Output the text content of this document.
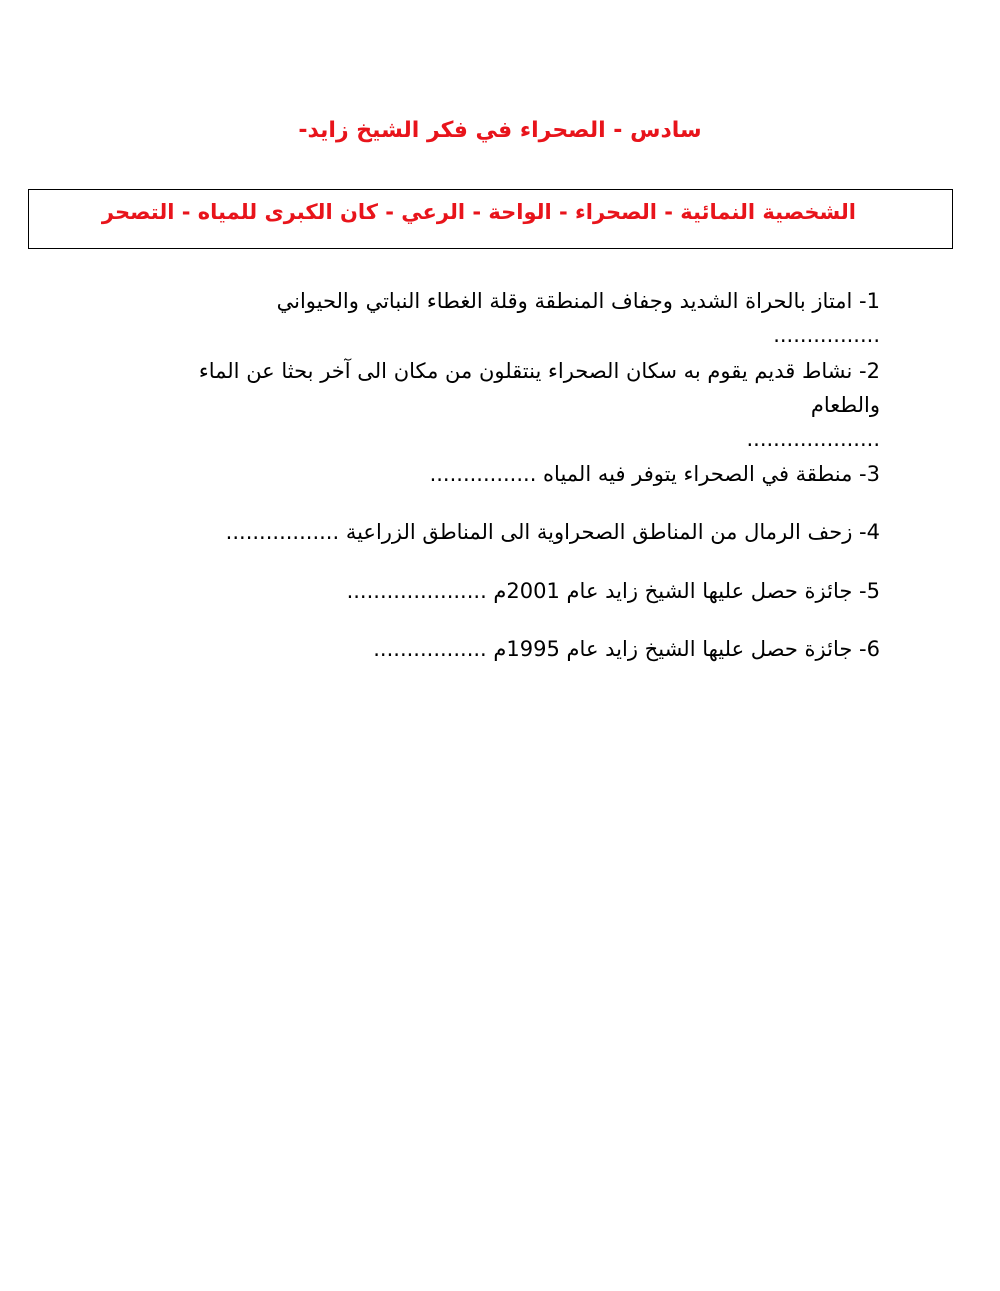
سادس - الصحراء في فكر الشيخ زايد-
الشخصية النمائية - الصحراء - الواحة - الرعي - كان الكبرى للمياه - التصحر
1- امتاز بالحراة الشديد وجفاف المنطقة وقلة الغطاء النباتي والحيواني
................
2- نشاط قديم يقوم به سكان الصحراء ينتقلون من مكان الى آخر بحثا عن الماء والطعام
....................
3- منطقة في الصحراء يتوفر فيه المياه ................
4- زحف الرمال من المناطق الصحراوية الى المناطق الزراعية .................
5- جائزة حصل عليها الشيخ زايد عام 2001م .....................
6- جائزة حصل عليها الشيخ زايد عام 1995م .................
